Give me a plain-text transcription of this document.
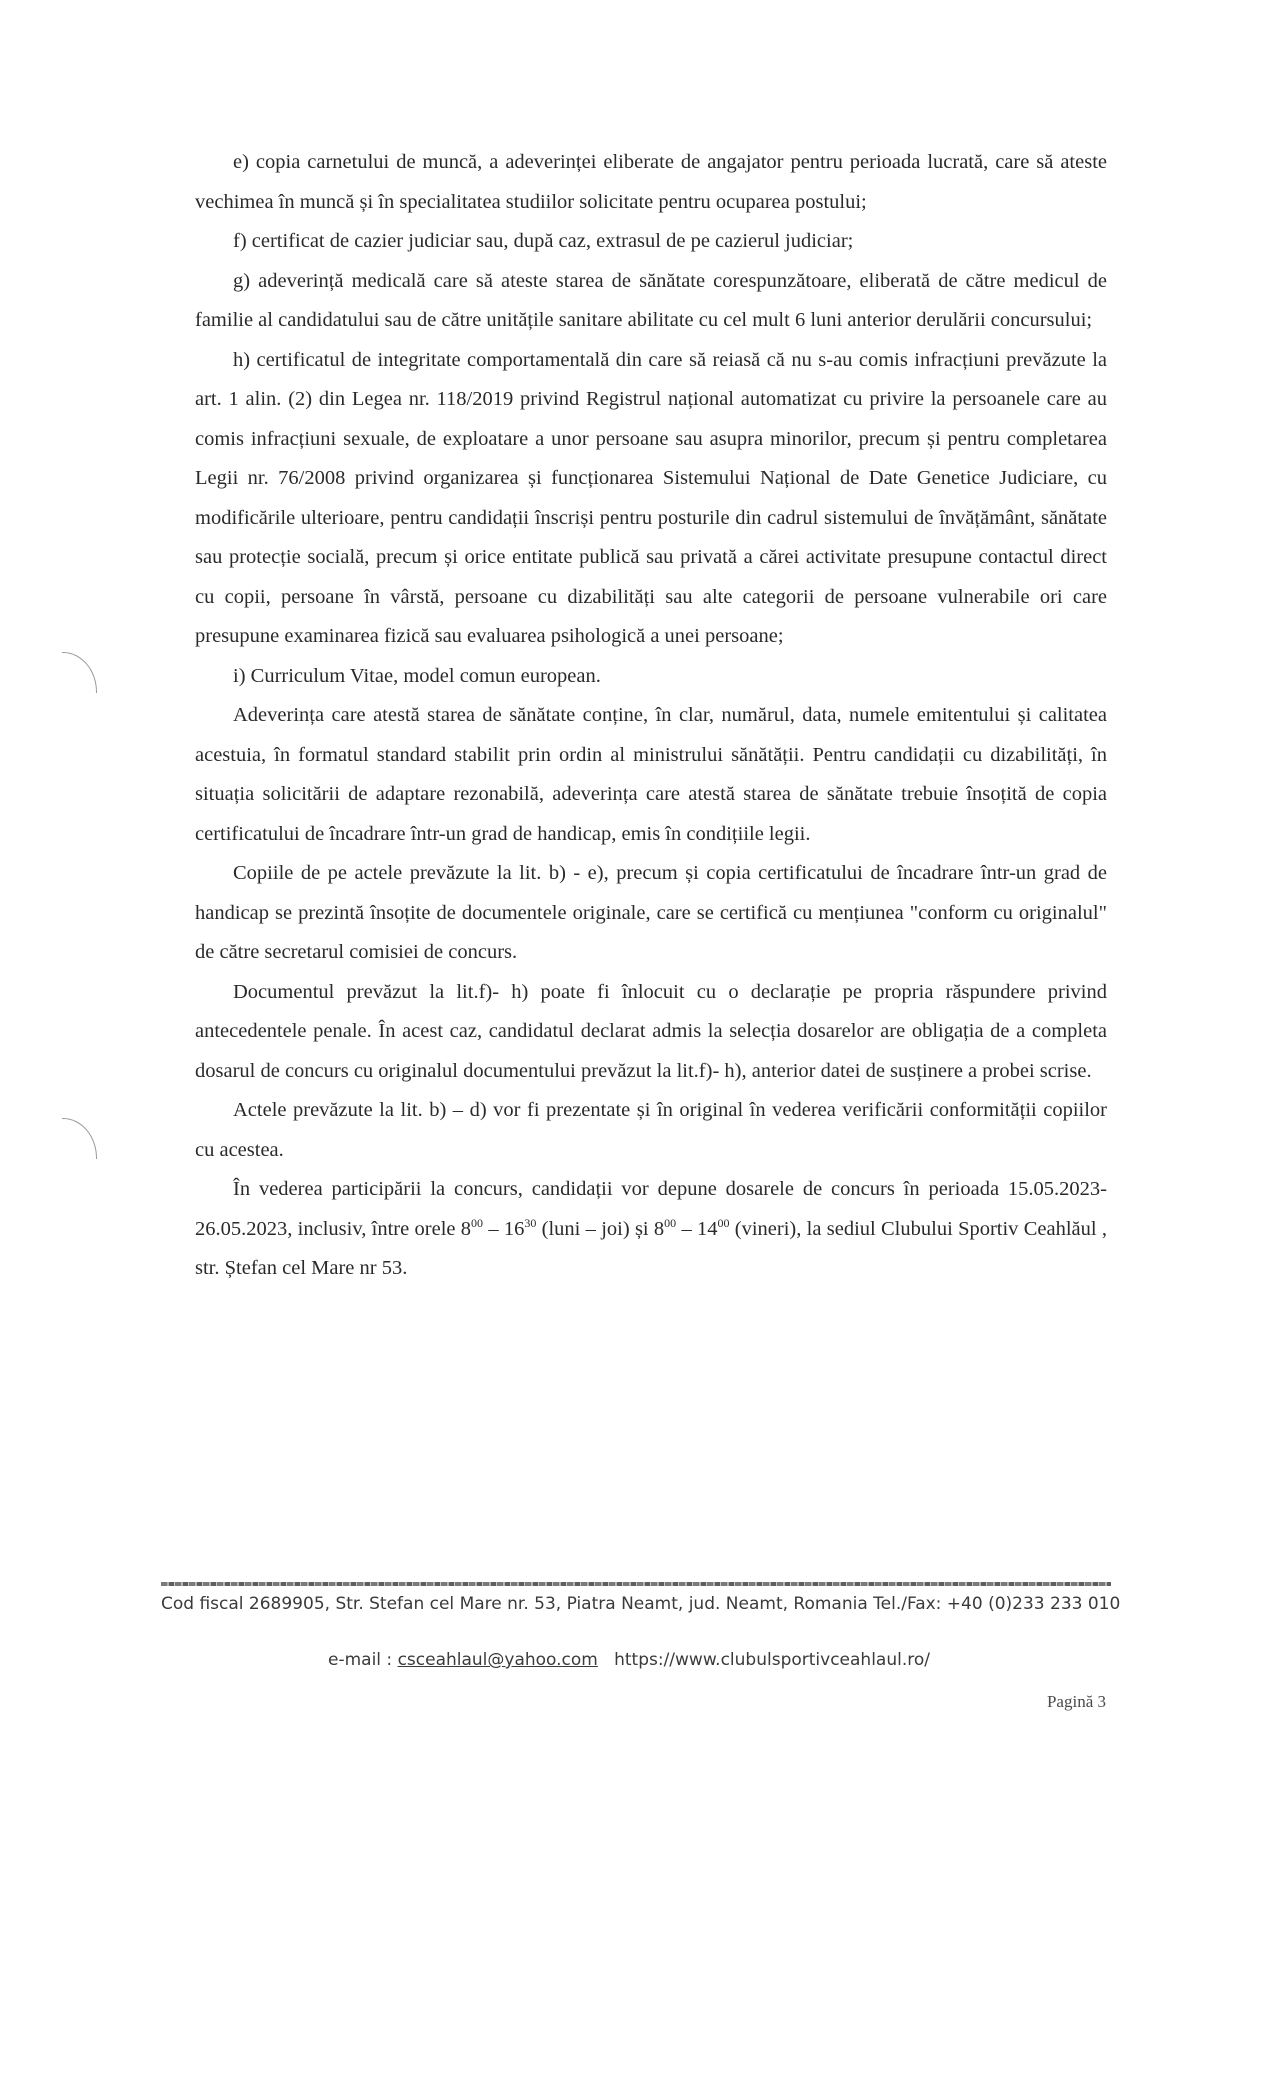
e) copia carnetului de muncă, a adeverinței eliberate de angajator pentru perioada lucrată, care să ateste vechimea în muncă și în specialitatea studiilor solicitate pentru ocuparea postului;

f) certificat de cazier judiciar sau, după caz, extrasul de pe cazierul judiciar;

g) adeverință medicală care să ateste starea de sănătate corespunzătoare, eliberată de către medicul de familie al candidatului sau de către unitățile sanitare abilitate cu cel mult 6 luni anterior derulării concursului;

h) certificatul de integritate comportamentală din care să reiasă că nu s-au comis infracțiuni prevăzute la art. 1 alin. (2) din Legea nr. 118/2019 privind Registrul național automatizat cu privire la persoanele care au comis infracțiuni sexuale, de exploatare a unor persoane sau asupra minorilor, precum și pentru completarea Legii nr. 76/2008 privind organizarea și funcționarea Sistemului Național de Date Genetice Judiciare, cu modificările ulterioare, pentru candidații înscriși pentru posturile din cadrul sistemului de învățământ, sănătate sau protecție socială, precum și orice entitate publică sau privată a cărei activitate presupune contactul direct cu copii, persoane în vârstă, persoane cu dizabilități sau alte categorii de persoane vulnerabile ori care presupune examinarea fizică sau evaluarea psihologică a unei persoane;

i) Curriculum Vitae, model comun european.

Adeverința care atestă starea de sănătate conține, în clar, numărul, data, numele emitentului și calitatea acestuia, în formatul standard stabilit prin ordin al ministrului sănătății. Pentru candidații cu dizabilități, în situația solicitării de adaptare rezonabilă, adeverința care atestă starea de sănătate trebuie însoțită de copia certificatului de încadrare într-un grad de handicap, emis în condițiile legii.

Copiile de pe actele prevăzute la lit. b) - e), precum și copia certificatului de încadrare într-un grad de handicap se prezintă însoțite de documentele originale, care se certifică cu mențiunea "conform cu originalul" de către secretarul comisiei de concurs.

Documentul prevăzut la lit.f)- h) poate fi înlocuit cu o declarație pe propria răspundere privind antecedentele penale. În acest caz, candidatul declarat admis la selecția dosarelor are obligația de a completa dosarul de concurs cu originalul documentului prevăzut la lit.f)- h), anterior datei de susținere a probei scrise.

Actele prevăzute la lit. b) – d) vor fi prezentate și în original în vederea verificării conformității copiilor cu acestea.

În vederea participării la concurs, candidații vor depune dosarele de concurs în perioada 15.05.2023-26.05.2023, inclusiv, între orele $8^{00} - 16^{30}$ (luni – joi) și $8^{00} - 14^{00}$ (vineri), la sediul Clubului Sportiv Ceahlăul , str. Ștefan cel Mare nr 53.

Cod fiscal 2689905, Str. Stefan cel Mare nr. 53, Piatra Neamt, jud. Neamt, Romania Tel./Fax: +40 (0)233 233 010
e-mail : csceahlaul@yahoo.com https://www.clubulsportivceahlaul.ro/
Pagină 3
